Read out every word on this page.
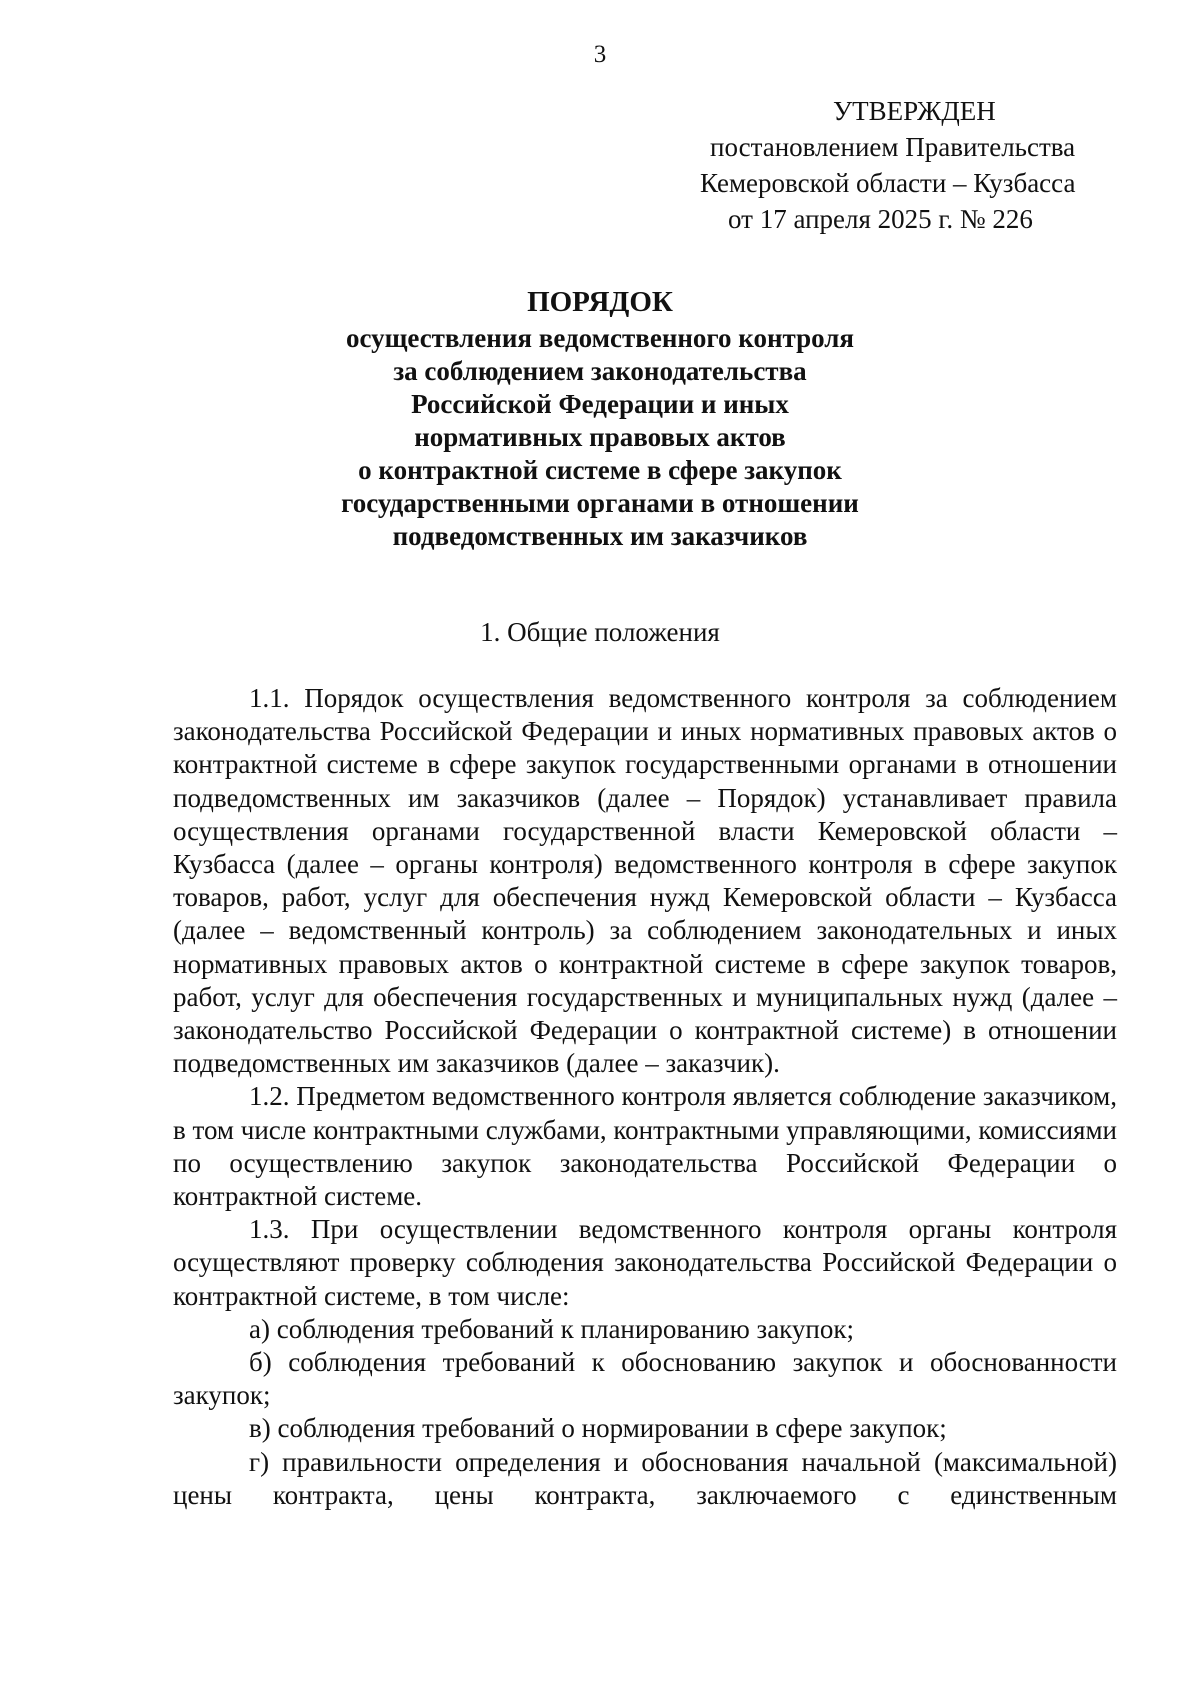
3
УТВЕРЖДЕН
постановлением Правительства
Кемеровской области – Кузбасса
от 17 апреля 2025 г. № 226
ПОРЯДОК
осуществления ведомственного контроля
за соблюдением законодательства
Российской Федерации и иных
нормативных правовых актов
о контрактной системе в сфере закупок
государственными органами в отношении
подведомственных им заказчиков
1. Общие положения

1.1. Порядок осуществления ведомственного контроля за соблюдением законодательства Российской Федерации и иных нормативных правовых актов о контрактной системе в сфере закупок государственными органами в отношении подведомственных им заказчиков (далее – Порядок) устанавливает правила осуществления органами государственной власти Кемеровской области – Кузбасса (далее – органы контроля) ведомственного контроля в сфере закупок товаров, работ, услуг для обеспечения нужд Кемеровской области – Кузбасса (далее – ведомственный контроль) за соблюдением законодательных и иных нормативных правовых актов о контрактной системе в сфере закупок товаров, работ, услуг для обеспечения государственных и муниципальных нужд (далее – законодательство Российской Федерации о контрактной системе) в отношении подведомственных им заказчиков (далее – заказчик).

1.2. Предметом ведомственного контроля является соблюдение заказчиком, в том числе контрактными службами, контрактными управляющими, комиссиями по осуществлению закупок законодательства Российской Федерации о контрактной системе.

1.3. При осуществлении ведомственного контроля органы контроля осуществляют проверку соблюдения законодательства Российской Федерации о контрактной системе, в том числе:

а) соблюдения требований к планированию закупок;

б) соблюдения требований к обоснованию закупок и обоснованности закупок;

в) соблюдения требований о нормировании в сфере закупок;

г) правильности определения и обоснования начальной (максимальной) цены контракта, цены контракта, заключаемого с единственным
